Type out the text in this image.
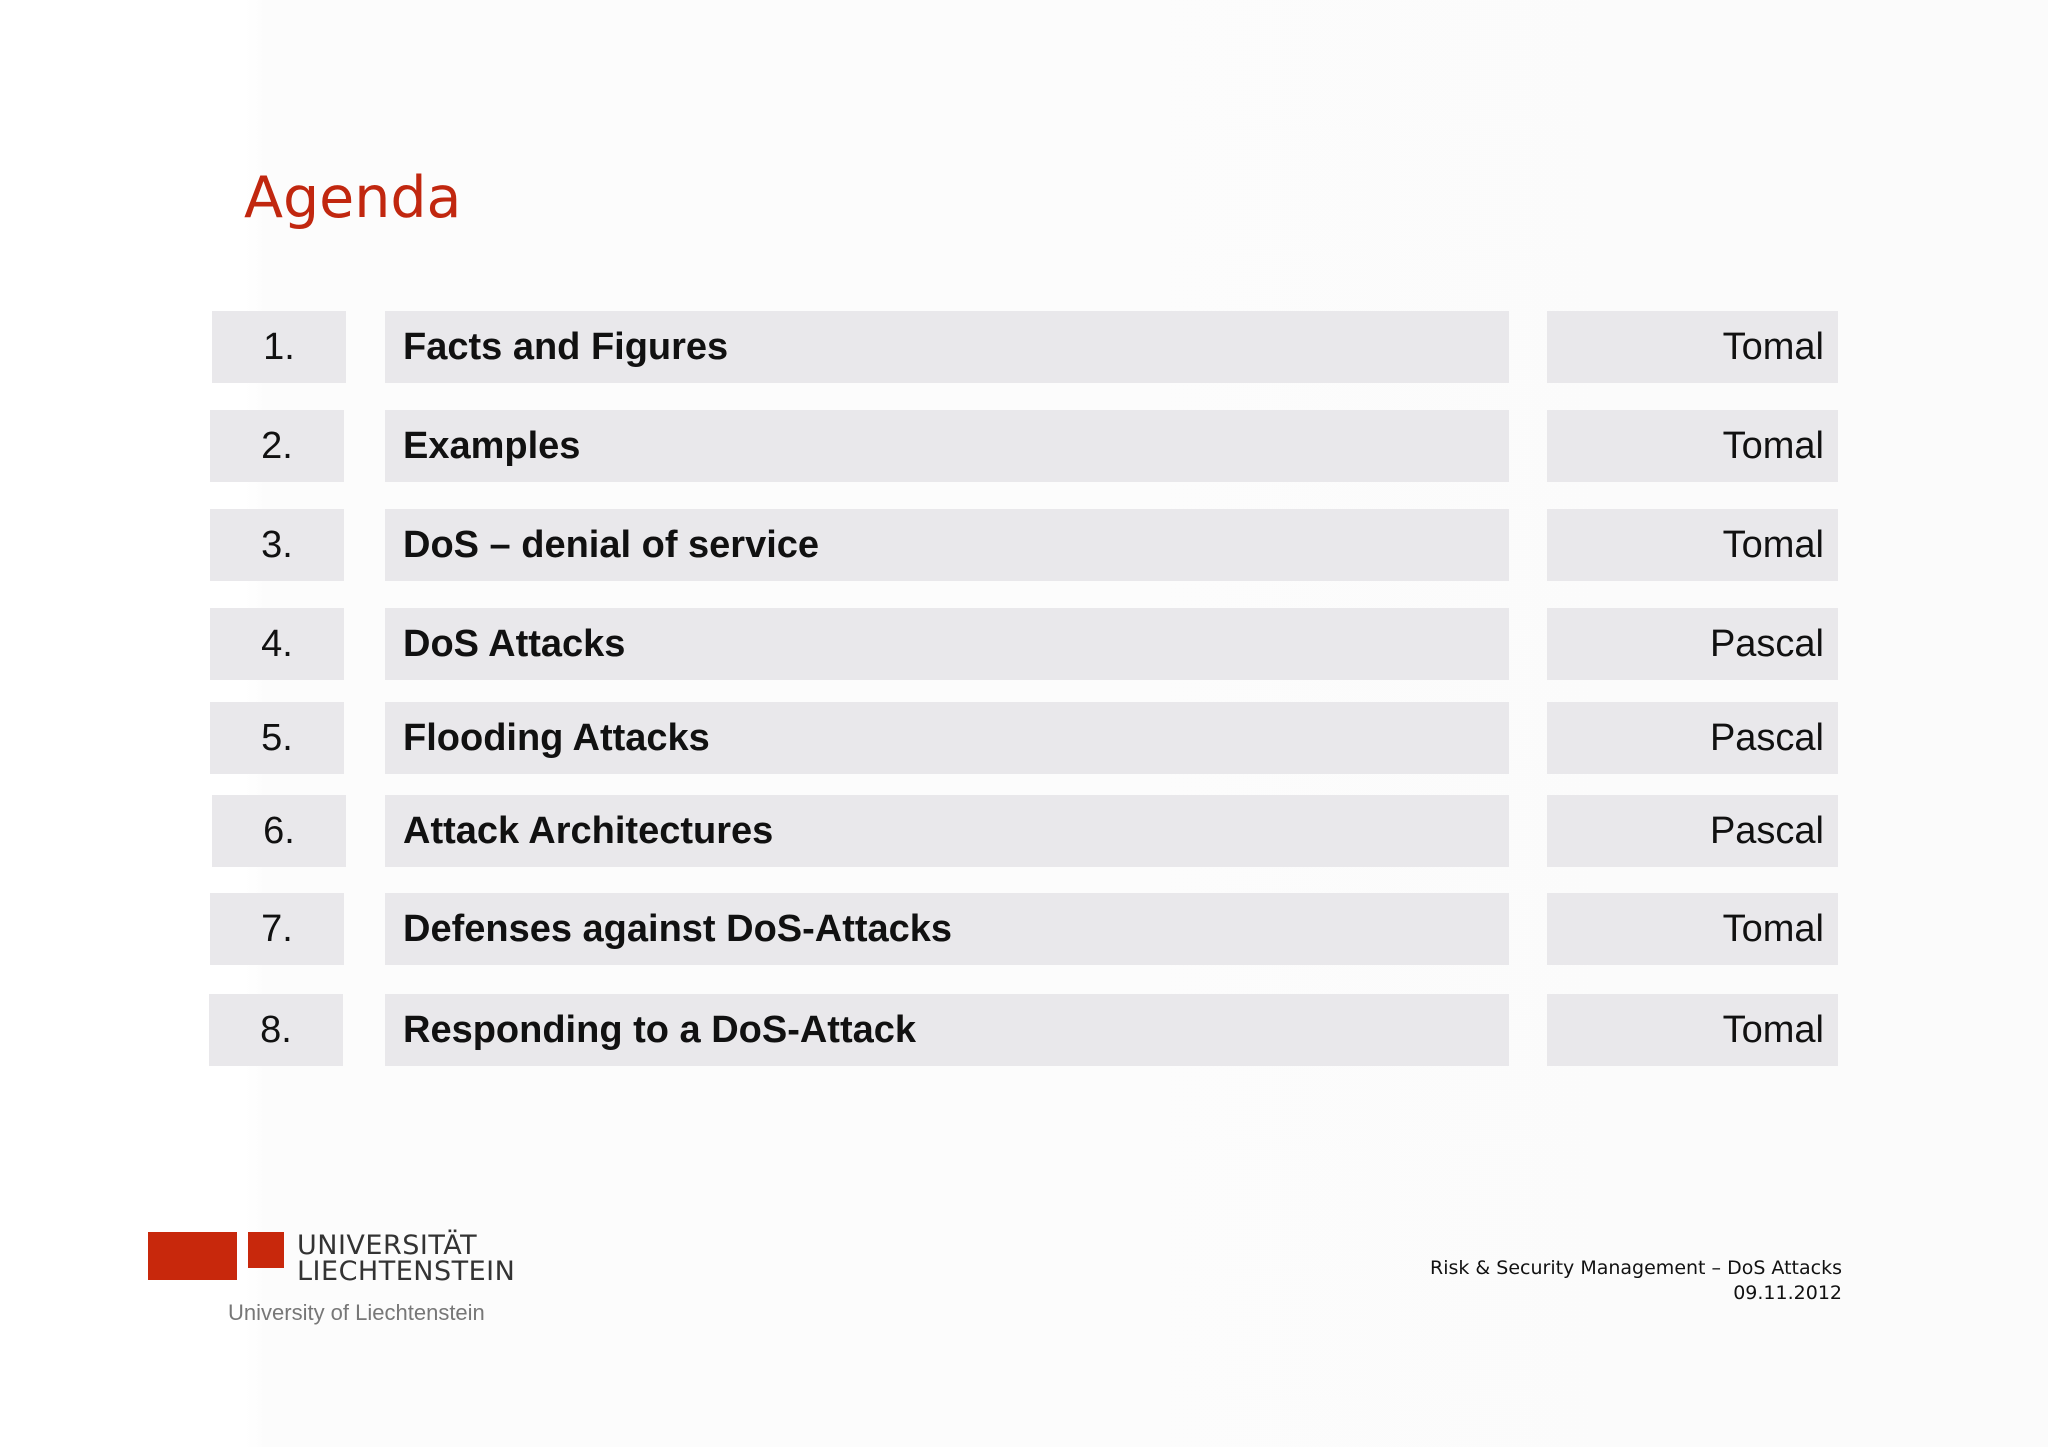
Agenda
1.	Facts and Figures	Tomal
2.	Examples	Tomal
3.	DoS – denial of service	Tomal
4.	DoS Attacks	Pascal
5.	Flooding Attacks	Pascal
6.	Attack Architectures	Pascal
7.	Defenses against DoS-Attacks	Tomal
8.	Responding to a DoS-Attack	Tomal
UNIVERSITÄT
LIECHTENSTEIN
University of Liechtenstein
Risk & Security Management – DoS Attacks
09.11.2012
